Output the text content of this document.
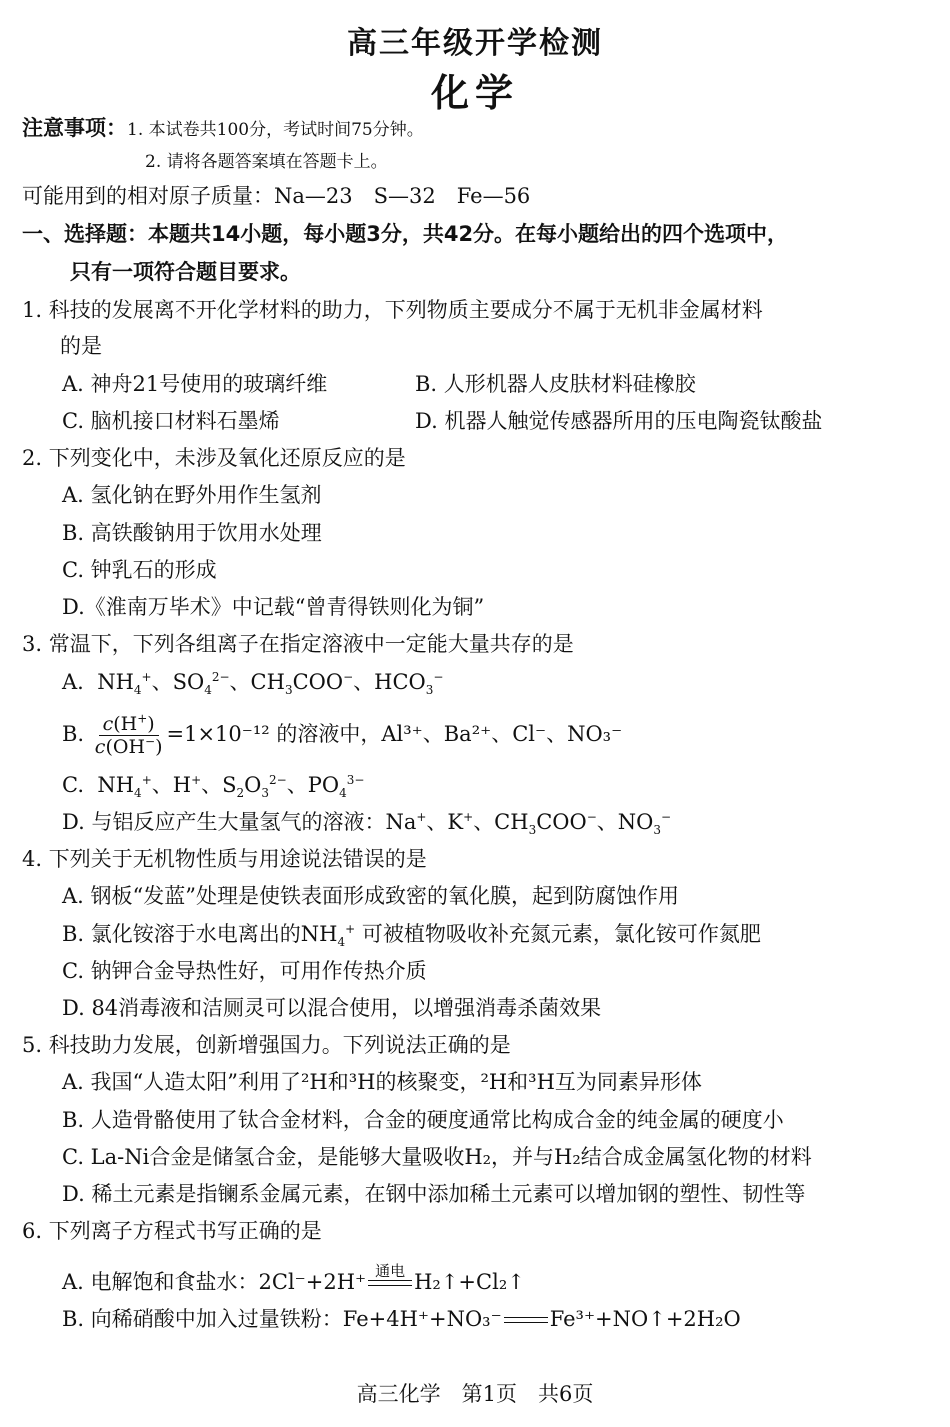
高三年级开学检测
化学
注意事项：1. 本试卷共100分，考试时间75分钟。
2. 请将各题答案填在答题卡上。
可能用到的相对原子质量：Na—23　S—32　Fe—56
一、选择题：本题共14小题，每小题3分，共42分。在每小题给出的四个选项中，
只有一项符合题目要求。
1. 科技的发展离不开化学材料的助力，下列物质主要成分不属于无机非金属材料
的是
A. 神舟21号使用的玻璃纤维	B. 人形机器人皮肤材料硅橡胶
C. 脑机接口材料石墨烯	D. 机器人触觉传感器所用的压电陶瓷钛酸盐
2. 下列变化中，未涉及氧化还原反应的是
A. 氢化钠在野外用作生氢剂
B. 高铁酸钠用于饮用水处理
C. 钟乳石的形成
D.《淮南万毕术》中记载“曾青得铁则化为铜”
3. 常温下，下列各组离子在指定溶液中一定能大量共存的是
A.  $NH_4^+$、$SO_4^{2-}$、$CH_3COO^-$、$HCO_3^-$
B. $\frac{c(H^+)}{c(OH^-)} =1\times 10^{-12}$ 的溶液中，Al³⁺、Ba²⁺、Cl⁻、NO₃⁻
C.  $NH_4^+$、H+、$S_2O_3^{2-}$、$PO_4^{3-}$
D. 与铝反应产生大量氢气的溶液：Na+、K+、$CH_3COO^-$、$NO_3^-$
4. 下列关于无机物性质与用途说法错误的是
A. 钢板“发蓝”处理是使铁表面形成致密的氧化膜，起到防腐蚀作用
B. 氯化铵溶于水电离出的$NH_4^+$ 可被植物吸收补充氮元素，氯化铵可作氮肥
C. 钠钾合金导热性好，可用作传热介质
D. 84消毒液和洁厕灵可以混合使用，以增强消毒杀菌效果
5. 科技助力发展，创新增强国力。下列说法正确的是
A. 我国“人造太阳”利用了²H和³H的核聚变，²H和³H互为同素异形体
B. 人造骨骼使用了钛合金材料，合金的硬度通常比构成合金的纯金属的硬度小
C. La-Ni合金是储氢合金，是能够大量吸收H₂，并与H₂结合成金属氢化物的材料
D. 稀土元素是指镧系金属元素，在钢中添加稀土元素可以增加钢的塑性、韧性等
6. 下列离子方程式书写正确的是
A. 电解饱和食盐水：2Cl⁻+2H⁺ 通电 H₂↑+Cl₂↑
B. 向稀硝酸中加入过量铁粉：Fe+4H⁺+NO₃⁻ Fe³⁺+NO↑+2H₂O
高三化学　第1页　共6页
